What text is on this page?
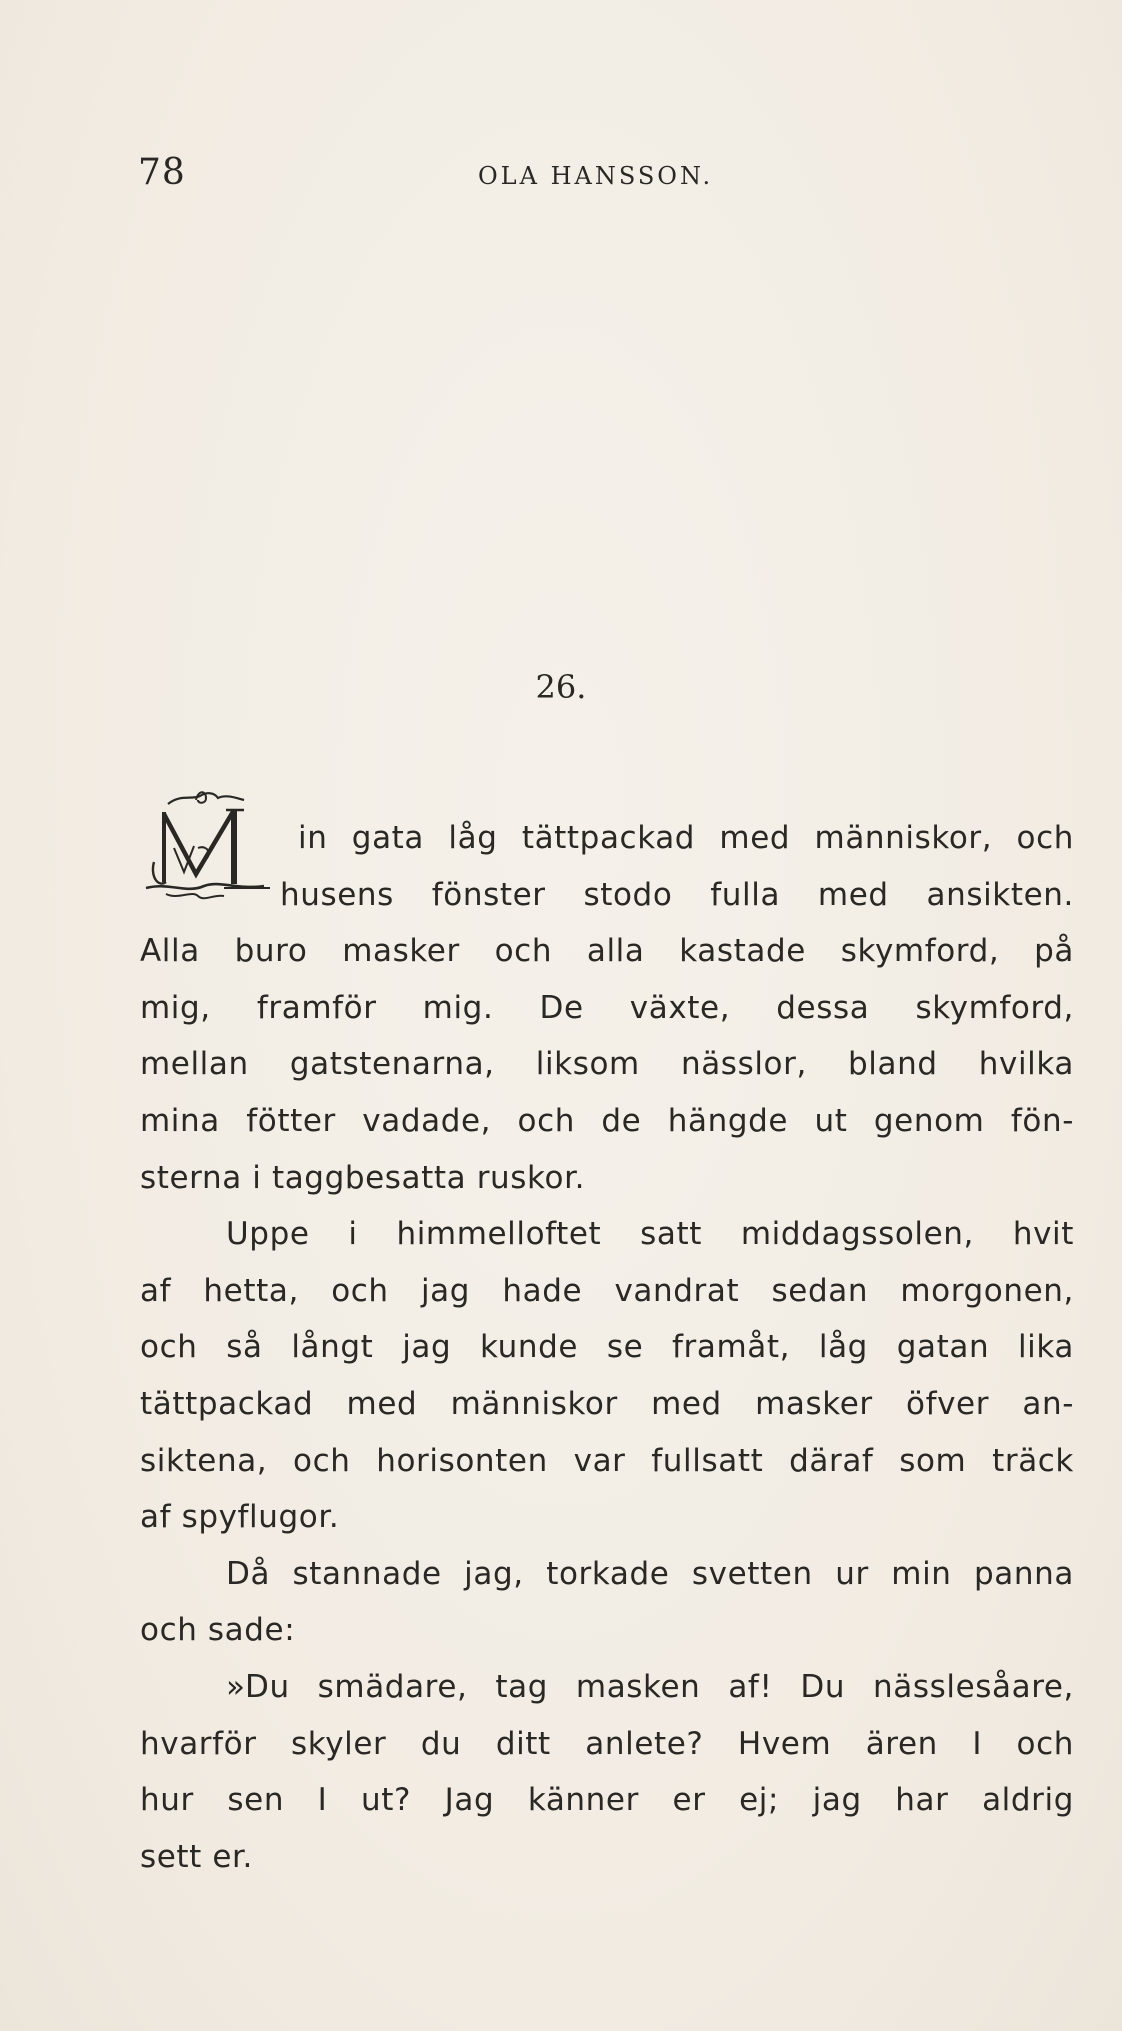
78	OLA HANSSON.
26.
in gata låg tättpackad med människor, och
husens fönster stodo fulla med ansikten.
Alla buro masker och alla kastade skymford, på
mig, framför mig. De växte, dessa skymford,
mellan gatstenarna, liksom nässlor, bland hvilka
mina fötter vadade, och de hängde ut genom fön-
sterna i taggbesatta ruskor.
Uppe i himmelloftet satt middagssolen, hvit
af hetta, och jag hade vandrat sedan morgonen,
och så långt jag kunde se framåt, låg gatan lika
tättpackad med människor med masker öfver an-
siktena, och horisonten var fullsatt däraf som träck
af spyflugor.
Då stannade jag, torkade svetten ur min panna
och sade:
»Du smädare, tag masken af! Du nässlesåare,
hvarför skyler du ditt anlete? Hvem ären I och
hur sen I ut? Jag känner er ej; jag har aldrig
sett er.
